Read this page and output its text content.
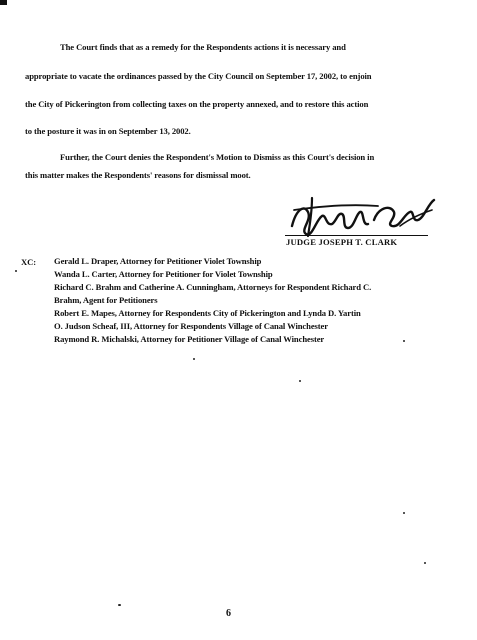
The Court finds that as a remedy for the Respondents actions it is necessary and
appropriate to vacate the ordinances passed by the City Council on September 17, 2002, to enjoin
the City of Pickerington from collecting taxes on the property annexed, and to restore this action
to the posture it was in on September 13, 2002.
Further, the Court denies the Respondent's Motion to Dismiss as this Court's decision in
this matter makes the Respondents' reasons for dismissal moot.
JUDGE JOSEPH T. CLARK
XC: Gerald L. Draper, Attorney for Petitioner Violet Township
Wanda L. Carter, Attorney for Petitioner for Violet Township
Richard C. Brahm and Catherine A. Cunningham, Attorneys for Respondent Richard C.
Brahm, Agent for Petitioners
Robert E. Mapes, Attorney for Respondents City of Pickerington and Lynda D. Yartin
O. Judson Scheaf, III, Attorney for Respondents Village of Canal Winchester
Raymond R. Michalski, Attorney for Petitioner Village of Canal Winchester
6
